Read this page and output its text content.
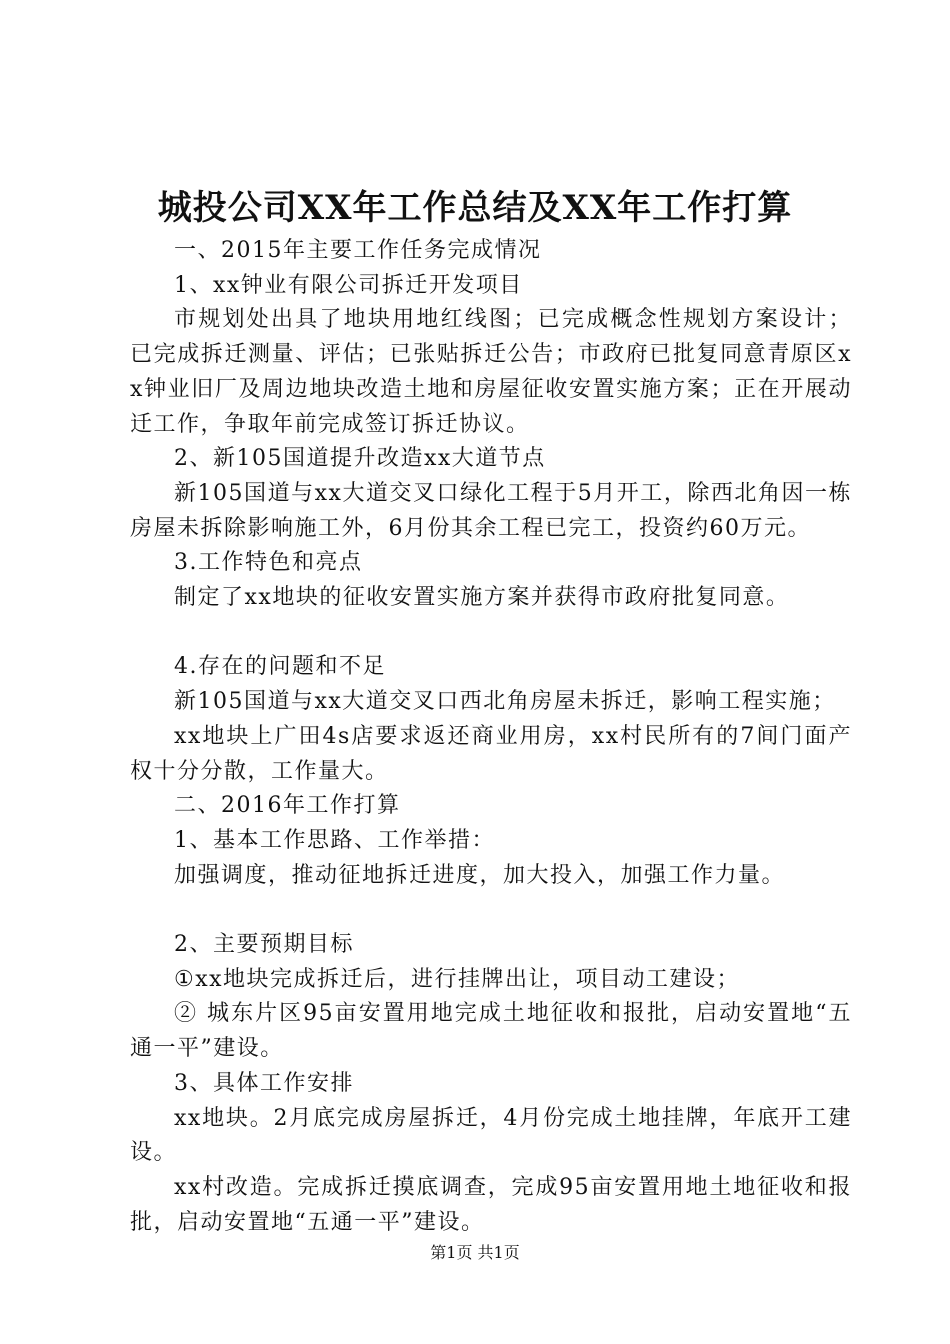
城投公司XX年工作总结及XX年工作打算

一、2015年主要工作任务完成情况

1、xx钟业有限公司拆迁开发项目

市规划处出具了地块用地红线图；已完成概念性规划方案设计；已完成拆迁测量、评估；已张贴拆迁公告；市政府已批复同意青原区xx钟业旧厂及周边地块改造土地和房屋征收安置实施方案；正在开展动迁工作，争取年前完成签订拆迁协议。

2、新105国道提升改造xx大道节点

新105国道与xx大道交叉口绿化工程于5月开工，除西北角因一栋房屋未拆除影响施工外，6月份其余工程已完工，投资约60万元。

3.工作特色和亮点

制定了xx地块的征收安置实施方案并获得市政府批复同意。

4.存在的问题和不足

新105国道与xx大道交叉口西北角房屋未拆迁，影响工程实施；

xx地块上广田4s店要求返还商业用房，xx村民所有的7间门面产权十分分散，工作量大。

二、2016年工作打算

1、基本工作思路、工作举措：

加强调度，推动征地拆迁进度，加大投入，加强工作力量。

2、主要预期目标

①xx地块完成拆迁后，进行挂牌出让，项目动工建设；

② 城东片区95亩安置用地完成土地征收和报批，启动安置地“五通一平”建设。

3、具体工作安排

xx地块。2月底完成房屋拆迁，4月份完成土地挂牌，年底开工建设。

xx村改造。完成拆迁摸底调查，完成95亩安置用地土地征收和报批，启动安置地“五通一平”建设。

第1页 共1页
